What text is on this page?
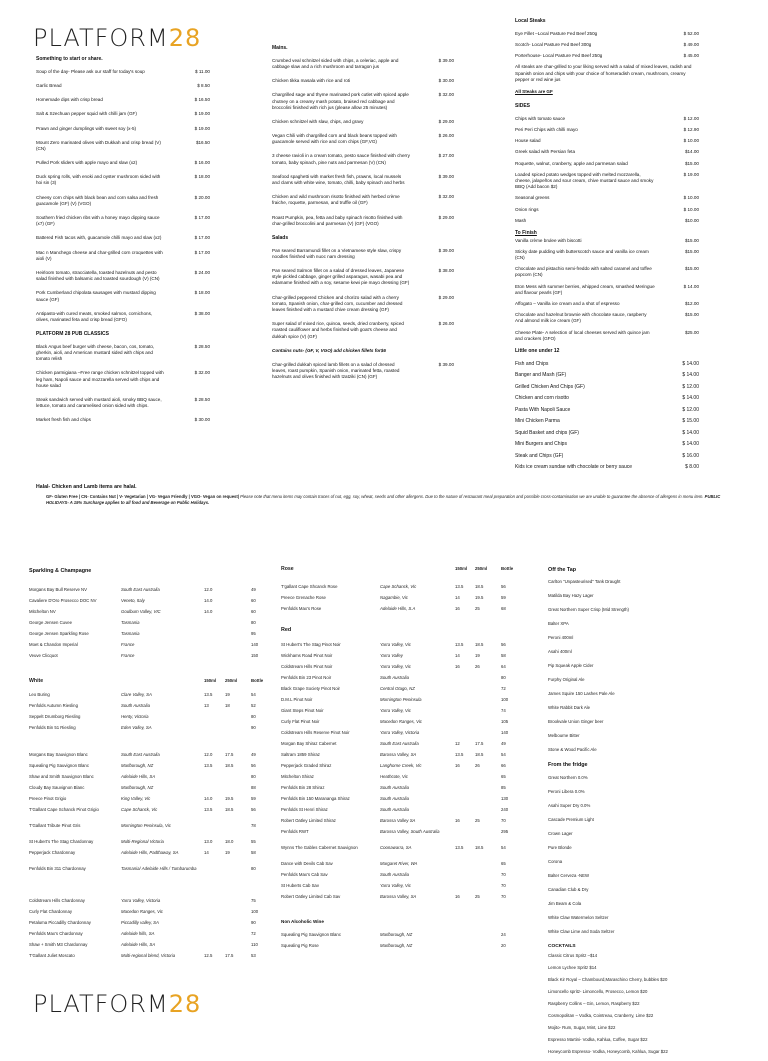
PLATFORM28
Something to start or share.
Soup of the day- Please ask our staff for today's soup	$ 11.00
Garlic Bread	$ 8.50
Homemade dips with crisp bread	$ 16.50
Salt & Szechuan pepper squid with chilli jam (GF)	$ 19.00
Prawn and ginger dumplings with sweet soy (x-5)	$ 19.00
Mount Zero marinated olives with Dukkah and crisp bread (V) (CN)
$16.50
Pulled Pork sliders with apple mayo and slaw (x2)	$ 16.00
Duck spring rolls, with enoki and oyster mushroom sided with hoi sin (3)
$ 18.00
Cheesy corn chips with black bean and corn salsa and fresh guacamole (GF) (V) (VGO)
$ 20.00
Southern fried chicken ribs with a honey mayo dipping sauce (x7) (GF)
$ 17.00
Battered Fish tacos with, guacamole chilli mayo and slaw (x2)	$ 17.00
Mac n Manchego cheese and char-grilled corn croquettes with aioli (V)
$ 17.00
Heirloom tomato, stracciatella, toasted hazelnuts and pesto salad finished with balsamic and toasted sourdough (V) (CN)
$ 24.00
Pork Cumberland chipolata sausages with mustard dipping sauce (GF)
$ 18.00
Antipasto-with cured meats, smoked salmon, cornichons, olives, marinated feta and crisp bread (GFO)
$ 38.00
PLATFORM 28 PUB CLASSICS
Black Angus beef burger with cheese, bacon, cos, tomato, gherkin, aioli, and American mustard sided with chips and tomato relish
$ 28.50
Chicken parmigiana –Free range chicken schnitzel topped with leg ham, Napoli sauce and mozzarella served with chips and house salad
$ 32.00
Steak sandwich served with mustard aioli, smoky BBQ sauce, lettuce, tomato and caramelised onion sided with chips.
$ 28.50
Market fresh fish and chips	$ 30.00
Mains.
Crumbed veal schnitzel sided with chips, a celeriac, apple and cabbage slaw and a rich mushroom and tarragon jus
$ 39.00
Chicken tikka masala with rice and roti	$ 30.00
Chargrilled sage and thyme marinated pork cutlet with spiced apple chutney on a creamy mash potato, braised red cabbage and broccolini finished with rich jus (please allow 25 minutes)
$ 32.00
Chicken schnitzel with slaw, chips, and gravy	$ 29.00
Vegan Chili with chargrilled corn and black beans topped with guacamole served with rice and corn chips (GF,VG)
$ 26.00
3 cheese ravioli in a cream tomato, pesto sauce finished with cherry tomato, baby spinach, pine nuts and parmesan (V) (CN)
$ 27.00
Seafood spaghetti with market fresh fish, prawns, local mussels and clams with white wine, tomato, chilli, baby spinach and herbs
$ 39.00
Chicken and wild mushroom risotto finished with herbed crème fraiche, roquette, parmesan, and truffle oil (GF)
$ 32.00
Roast Pumpkin, pea, fetta and baby spinach risotto finished with char-grilled broccolini and parmesan (V) (GF) (VGO)
$ 29.00
Salads
Pan seared Barramundi fillet on a Vietnamese style slaw, crispy noodles finished with nuoc nam dressing
$ 39.00
Pan seared Salmon fillet on a salad of dressed leaves, Japanese style pickled cabbage, ginger grilled asparagus, wasabi pea and edamame finished with a soy, sesame kewi pie mayo dressing (GF)
$ 38.00
Char-grilled peppered Chicken and chorizo salad with a cherry tomato, Spanish onion, char-grilled corn, cucumber and dressed leaves finished with a mustard chive cream dressing (GF)
$ 29.00
Super salad of mixed rice, quinoa, seeds, dried cranberry, spiced roasted cauliflower and herbs finished with goat's cheese and dukkah spice (V) (GF)
$ 26.00
Contains nuts- (GF, V, VGO) add chicken fillets for$6
Char-grilled dukkah spiced lamb fillets on a salad of dressed leaves, roast pumpkin, Spanish onion, marinated fetta, roasted hazelnuts and olives finished with tzatziki (CN) (GF)
$ 39.00
Local Steaks
Eye Fillet –Local Pasture Fed Beef 250g	$ 52.00
Scotch- Local Pasture Fed Beef 300g	$ 49.00
Porterhouse- Local Pasture Fed Beef 250g	$ 45.00
All steaks are char-grilled to your liking served with a salad of mixed leaves, radish and Spanish onion and chips with your choice of horseradish cream, mushroom, creamy pepper or red wine jus
All Steaks are GF
SIDES
Chips with tomato sauce	$ 12.00
Peri Peri Chips with chilli mayo	$ 12.90
House salad	$ 10.00
Greek salad with Persian feta	$14.00
Roquette, walnut, cranberry, apple and parmesan salad	$15.00
Loaded spiced potato wedges topped with melted mozzarella, cheese, jalapeños and sour cream, chive mustard sauce and smoky BBQ (Add bacon $2)
$ 19.00
Seasonal greens	$ 10.00
Onion rings	$ 10.00
Mash	$10.00
To Finish
Vanilla crème brulee with biscotti	$15.00
Sticky date pudding with butterscotch sauce and vanilla ice cream (CN)
$15.00
Chocolate and pistachio semi-freddo with salted caramel and toffee popcorn (CN)
$15.00
Eton Mess with summer berries, whipped cream, smashed Meringue and flavour pearls (GF)
$ 14.00
Affogato – Vanilla ice cream and a shot of espresso	$12.00
Chocolate and hazelnut brownie with chocolate sauce, raspberry And almond milk ice cream (GF)
$15.00
Cheese Plate- A selection of local cheeses served with quince jam and crackers (GFO)
$25.00
Little one under 12
Fish and Chips	$ 14.00
Banger and Mash (GF)	$ 14.00
Grilled Chicken And Chips (GF)	$ 12.00
Chicken and corn risotto	$ 14.00
Pasta With Napoli Sauce	$ 12.00
Mini Chicken Parma	$ 15.00
Squid Basket and chips (GF)	$ 14.00
Mini Burgers and Chips	$ 14.00
Steak and Chips (GF)	$ 16.00
Kids ice cream sundae with chocolate or berry sauce	$ 8.00
Halal- Chicken and Lamb items are halal.
GF- Gluten Free | CN- Contains Nut | V- Vegetarian | VG- Vegan Friendly | VGO- Vegan on request| Please note that menu items may contain traces of nut, egg, soy, wheat, seeds and other allergens. Due to the nature of restaurant meal preparation and possible cross-contamination we are unable to guarantee the absence of allergens in menu item. PUBLIC HOLIDAYS- A 15% Surcharge applies to all food and Beverage on Public Holidays.
Sparkling & Champagne
Morgans Bay Bull Reserve NV	South East Australia	12.0	49
Cavaliere D'Oro Prosecco DOC NV	Veneto, Italy	14.0	60
Mitchelton NV	Goulburn Valley, VIC	14.0	60
George Jensen Cuvee	Tasmania	80
George Jensen Sparkling Rose	Tasmania	95
Moet & Chandon Imperial	France	140
Veuve Clicquot	France	150
White	150ml 250ml	Bottle
Leo Buring	Clare Valley, SA	13.5	19	54
Penfolds Autumn Riesling	South Australia	13	18	52
Seppelt Drumborg Riesling	Henty, Victoria	80
Penfolds Bin 51 Riesling	Eden Valley, SA	90
Morgans Bay Sauvignon Blanc	South East Australia	12.0	17.5	49
Squealing Pig Sauvignon Blanc	Marlborough, NZ	13.5	18.5	56
Shaw and Smith Sauvignon Blanc	Adelaide Hills, SA	80
Cloudy Bay Sauvignon Blanc	Marlborough, NZ	88
Preece Pinot Grigio	King Valley, Vic	14.0	19.5	59
T'Gallant Cape Schanck Pinot Grigio	Cape Schanck, Vic	13.5	18.5	56
T'Gallant Tribute Pinot Gris	Mornington Peninsula, Vic	78
St Hubert's The Stag Chardonnay	Multi-Regional Victoria	13.0	18.0	55
Pepperjack Chardonnay	Adelaide Hills, Padthaway, SA	14	19	58
Penfolds Bin 311 Chardonnay	Tasmania/ Adelaide Hills / Tumbarumba	80
Coldstream Hills Chardonnay	Yarra Valley, Victoria	75
Curly Flat Chardonnay	Macedon Ranges, Vic	100
Petaluma Piccadilly Chardonnay	Piccadilly valley, SA	90
Penfolds Max's Chardonnay	Adelaide hills, SA	72
Shaw + Smith M3 Chardonnay	Adelaide Hills, SA	110
T'Gallant Juliet Moscato	Multi-regional blend, Victoria	12.5	17.5	53
Rose	150ml 250ml	Bottle
T'gallant Cape Shcanck Rose	Cape Schanck, Vic	13.5	18.5	56
Preece Grenache Rose	Nagambie, Vic	14	19.5	59
Penfolds Max's Rose	Adelaide Hills, S.A	16	25	68
Red
St Hubert's The Stag Pinot Noir	Yarra Valley, Vic	13.5	18.5	56
Wickhams Road Pinot Noir	Yarra Valley	14	19	58
Coldstream Hills Pinot Noir	Yarra Valley, Vic	16	26	64
Penfolds Bin 23 Pinot Noir	South Australia	80
Black Grape Society Pinot Noir	Central Otago, NZ	72
D.M.L Pinot Noir	Mornington Peninsula	100
Giant Steps Pinot Noir	Yarra Valley, Vic	74
Curly Flat Pinot Noir	Macedon Ranges, Vic	105
Coldstream Hills Reserve Pinot Noir	Yarra Valley, Victoria	140
Morgan Bay Shiraz Cabernet	South East Australia	12	17.5	49
Saltram 1859 Shiraz	Barossa Valley, SA	13.5	18.5	54
Pepperjack Graded Shiraz	Langhorne Creek, Vic	16	26	66
Mitchelton Shiraz	Heathcote, Vic	65
Penfolds Bin 28 Shiraz	South Australia	85
Penfolds Bin 150 Marananga Shiraz	South Australia	130
Penfolds St Henri Shiraz	South Australia	240
Robert Oatley Limited Shiraz	Barossa Valley SA	16	25	70
Penfolds RWT	Barossa Valley, South Australia	295
Wynns The Gables Cabernet Sauvignon	Coonawarra, SA	13.5	18.5	54
Dance with Devils Cab Sav	Margaret River, WA	65
Penfolds Max's Cab Sav	South Australia	70
St Huberts Cab Sav	Yarra Valley, Vic	70
Robert Oatley Limited Cab Sav	Barossa Valley, SA	16	25	70
Non Alcoholic Wine
Squealing Pig Sauvignon Blanc	Marlborough, NZ	24
Squealing Pig Rose	Marlborough, NZ	20
Off the Tap
Carlton "Unpasteurised" Tank Draught
Matilda Bay Hazy Lager
Great Northern Super Crisp (Mid Strength)
Balter XPA
Peroni 400ml
Asahi 400ml
Pip Squeak Apple Cider
Furphy Original Ale
James Squire 150 Lashes Pale Ale
White Rabbit Dark Ale
Brookvale Union Ginger beer
Melbourne Bitter
Stone & Wood Pacific Ale
From the fridge
Great Northern 0.0%
Peroni Libera 0.0%
Asahi Super Dry 0.0%
Cascade Premium Light
Crown Lager
Pure Blonde
Corona
Balter Cerveza -NEW
Canadian Club & Dry
Jim Beam & Cola
White Claw Watermelon Seltzer
White Claw Lime and Soda Seltzer
COCKTAILS
Classic Citrus Spritz –$14
Lemon Lychee Spritz $14
Black Kir Royal – Chambourd,Maraschino Cherry, bubbles $20
Limoncello spritz- Limoncello, Prosecco, Lemon $20
Raspberry Collins – Gin, Lemon, Raspberry $22
Cosmopolitan – Vodka, Cointreau, Cranberry, Lime $22
Mojito- Rum, Sugar, Mint, Lime $22
Espresso Martini- Vodka, Kahlua, Coffee, Sugar $22
Honeycomb Espresso- Vodka, Honeycomb, Kahlua, Sugar $22
PLATFORM28
